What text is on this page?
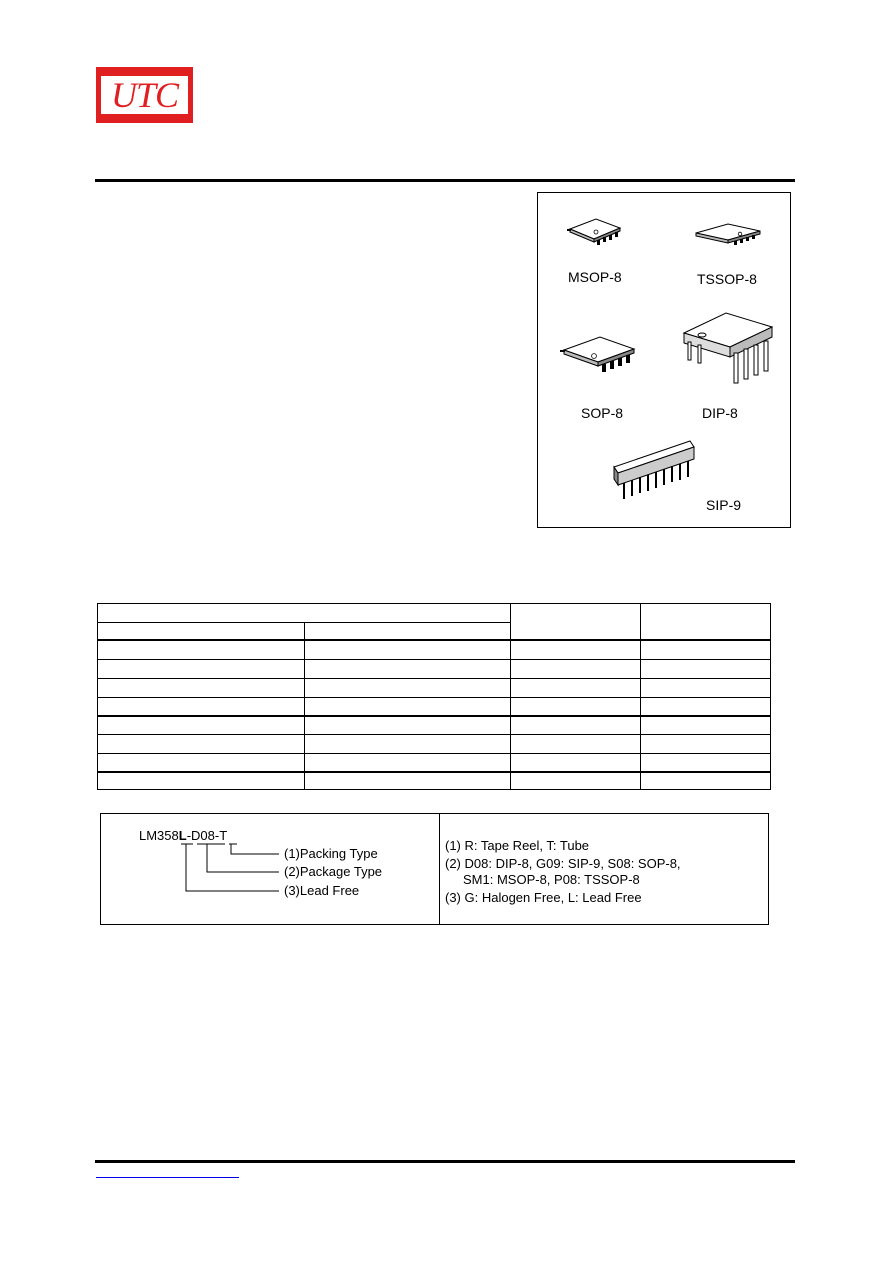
UTC
MSOP-8	TSSOP-8
SOP-8	DIP-8
SIP-9
LM358L-D08-T
(1)Packing Type
(2)Package Type
(3)Lead Free
(1) R: Tape Reel, T: Tube
(2) D08: DIP-8, G09: SIP-9, S08: SOP-8,
SM1: MSOP-8, P08: TSSOP-8
(3) G: Halogen Free, L: Lead Free
